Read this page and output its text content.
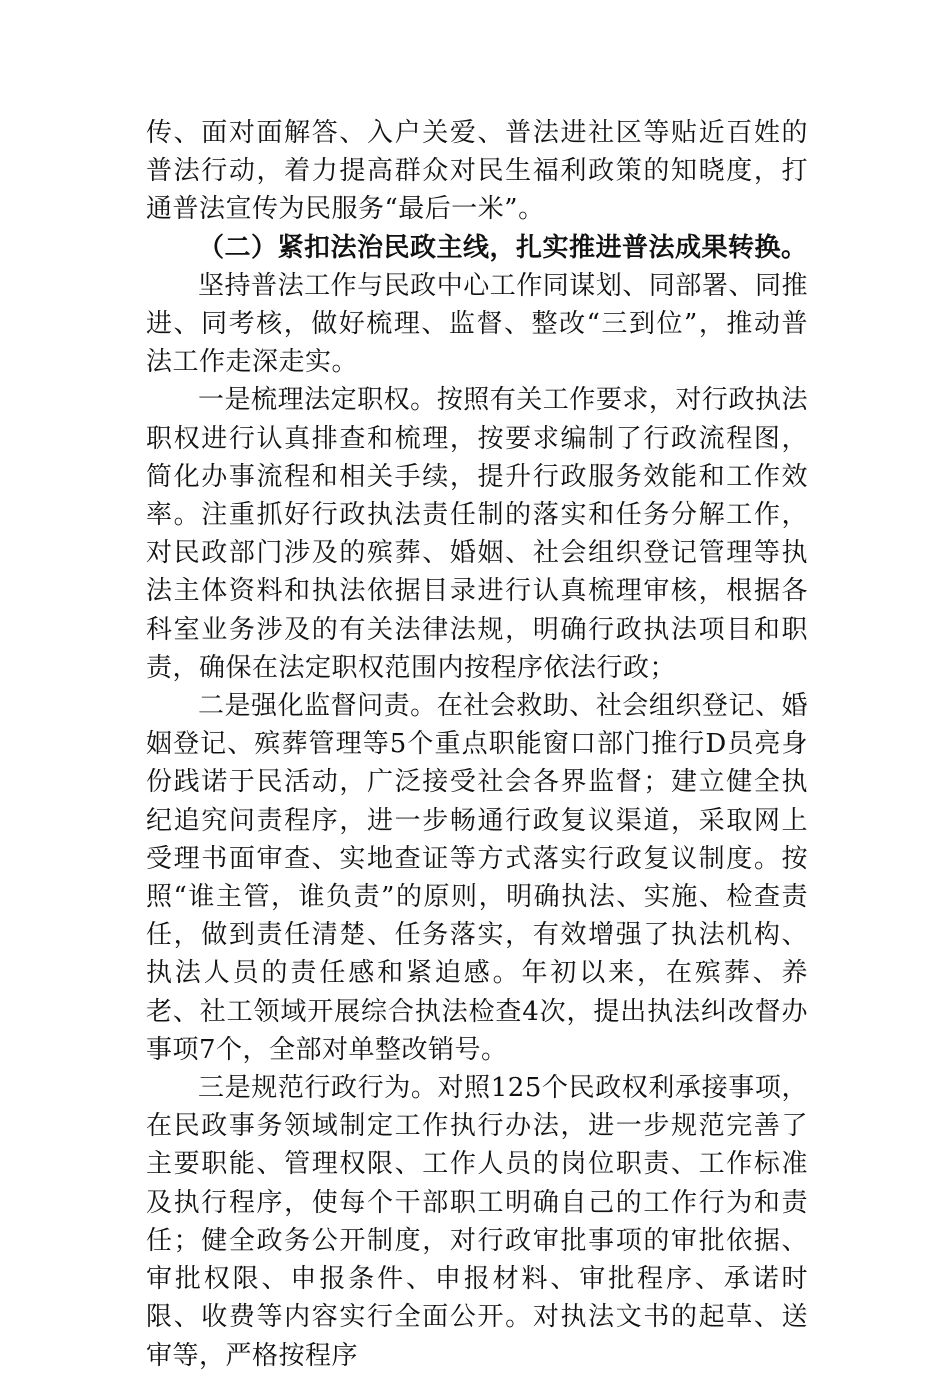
传、面对面解答、入户关爱、普法进社区等贴近百姓的普法行动，着力提高群众对民生福利政策的知晓度，打通普法宣传为民服务“最后一米”。

（二）紧扣法治民政主线，扎实推进普法成果转换。

坚持普法工作与民政中心工作同谋划、同部署、同推进、同考核，做好梳理、监督、整改“三到位”，推动普法工作走深走实。

一是梳理法定职权。按照有关工作要求，对行政执法职权进行认真排查和梳理，按要求编制了行政流程图，简化办事流程和相关手续，提升行政服务效能和工作效率。注重抓好行政执法责任制的落实和任务分解工作，对民政部门涉及的殡葬、婚姻、社会组织登记管理等执法主体资料和执法依据目录进行认真梳理审核，根据各科室业务涉及的有关法律法规，明确行政执法项目和职责，确保在法定职权范围内按程序依法行政；

二是强化监督问责。在社会救助、社会组织登记、婚姻登记、殡葬管理等5个重点职能窗口部门推行D员亮身份践诺于民活动，广泛接受社会各界监督；建立健全执纪追究问责程序，进一步畅通行政复议渠道，采取网上受理书面审查、实地查证等方式落实行政复议制度。按照“谁主管，谁负责”的原则，明确执法、实施、检查责任，做到责任清楚、任务落实，有效增强了执法机构、执法人员的责任感和紧迫感。年初以来，在殡葬、养老、社工领域开展综合执法检查4次，提出执法纠改督办事项7个，全部对单整改销号。

三是规范行政行为。对照125个民政权利承接事项，在民政事务领域制定工作执行办法，进一步规范完善了主要职能、管理权限、工作人员的岗位职责、工作标准及执行程序，使每个干部职工明确自己的工作行为和责任；健全政务公开制度，对行政审批事项的审批依据、审批权限、申报条件、申报材料、审批程序、承诺时限、收费等内容实行全面公开。对执法文书的起草、送审等，严格按程序
